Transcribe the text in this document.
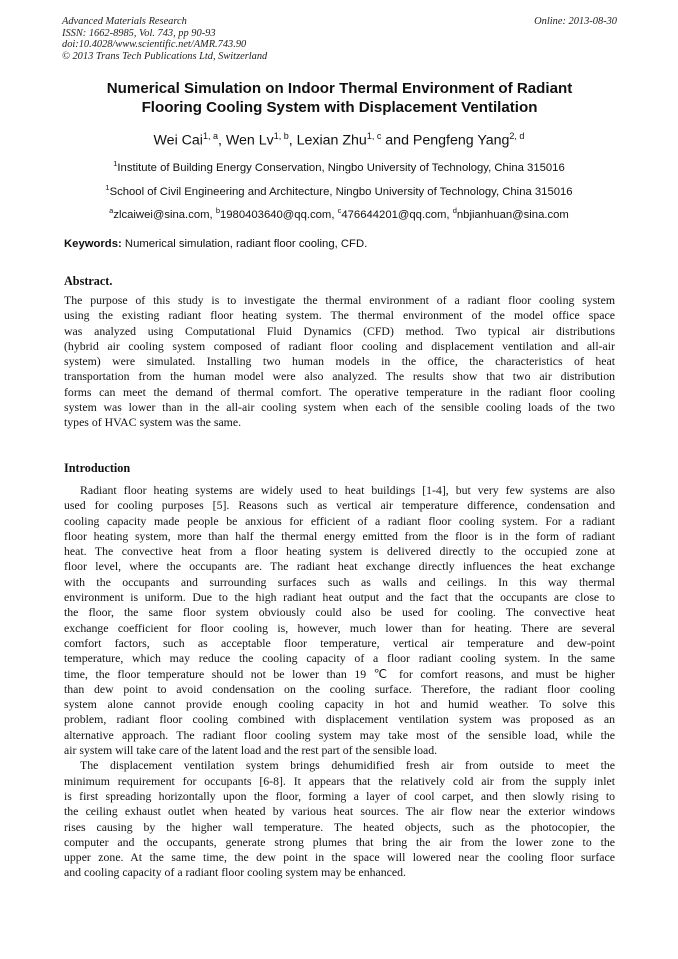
Advanced Materials Research
ISSN: 1662-8985, Vol. 743, pp 90-93
doi:10.4028/www.scientific.net/AMR.743.90
© 2013 Trans Tech Publications Ltd, Switzerland
Online: 2013-08-30
Numerical Simulation on Indoor Thermal Environment of Radiant
Flooring Cooling System with Displacement Ventilation
Wei Cai$^{1, a}$, Wen Lv$^{1, b}$, Lexian Zhu$^{1, c}$ and Pengfeng Yang$^{2, d}$
$^1$Institute of Building Energy Conservation, Ningbo University of Technology, China 315016
$^1$School of Civil Engineering and Architecture, Ningbo University of Technology, China 315016
$^a$zlcaiwei@sina.com, $^b$1980403640@qq.com, $^c$476644201@qq.com, $^d$nbjianhuan@sina.com
Keywords: Numerical simulation, radiant floor cooling, CFD.
Abstract.
The purpose of this study is to investigate the thermal environment of a radiant floor cooling system
using the existing radiant floor heating system. The thermal environment of the model office space
was analyzed using Computational Fluid Dynamics (CFD) method. Two typical air distributions
(hybrid air cooling system composed of radiant floor cooling and displacement ventilation and all-air
system) were simulated. Installing two human models in the office, the characteristics of heat
transportation from the human model were also analyzed. The results show that two air distribution
forms can meet the demand of thermal comfort. The operative temperature in the radiant floor cooling
system was lower than in the all-air cooling system when each of the sensible cooling loads of the two
types of HVAC system was the same.
Introduction
Radiant floor heating systems are widely used to heat buildings [1-4], but very few systems are also
used for cooling purposes [5]. Reasons such as vertical air temperature difference, condensation and
cooling capacity made people be anxious for efficient of a radiant floor cooling system. For a radiant
floor heating system, more than half the thermal energy emitted from the floor is in the form of radiant
heat. The convective heat from a floor heating system is delivered directly to the occupied zone at
floor level, where the occupants are. The radiant heat exchange directly influences the heat exchange
with the occupants and surrounding surfaces such as walls and ceilings. In this way thermal
environment is uniform. Due to the high radiant heat output and the fact that the occupants are close to
the floor, the same floor system obviously could also be used for cooling. The convective heat
exchange coefficient for floor cooling is, however, much lower than for heating. There are several
comfort factors, such as acceptable floor temperature, vertical air temperature and dew-point
temperature, which may reduce the cooling capacity of a floor radiant cooling system. In the same
time, the floor temperature should not be lower than 19 ℃ for comfort reasons, and must be higher
than dew point to avoid condensation on the cooling surface. Therefore, the radiant floor cooling
system alone cannot provide enough cooling capacity in hot and humid weather. To solve this
problem, radiant floor cooling combined with displacement ventilation system was proposed as an
alternative approach. The radiant floor cooling system may take most of the sensible load, while the
air system will take care of the latent load and the rest part of the sensible load.
The displacement ventilation system brings dehumidified fresh air from outside to meet the
minimum requirement for occupants [6-8]. It appears that the relatively cold air from the supply inlet
is first spreading horizontally upon the floor, forming a layer of cool carpet, and then slowly rising to
the ceiling exhaust outlet when heated by various heat sources. The air flow near the exterior windows
rises causing by the higher wall temperature. The heated objects, such as the photocopier, the
computer and the occupants, generate strong plumes that bring the air from the lower zone to the
upper zone. At the same time, the dew point in the space will lowered near the cooling floor surface
and cooling capacity of a radiant floor cooling system may be enhanced.
